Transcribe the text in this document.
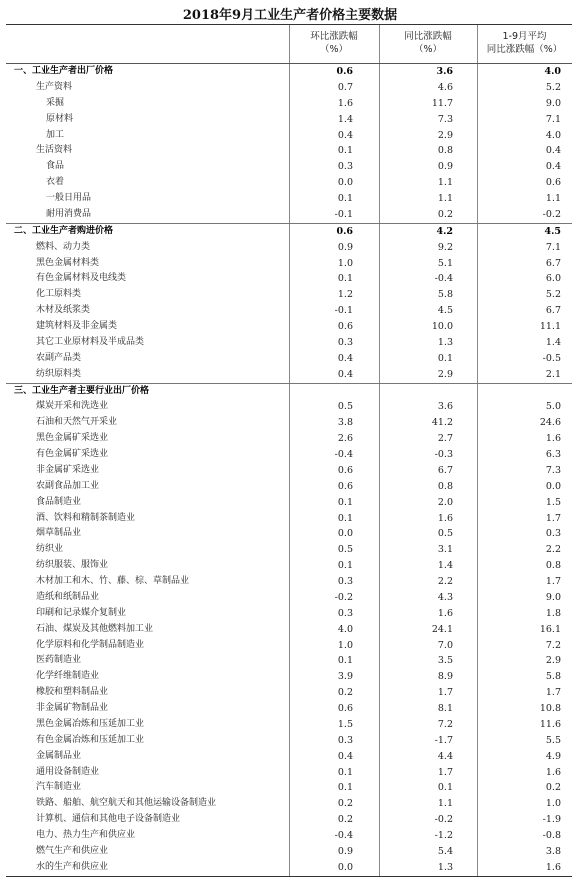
2018年9月工业生产者价格主要数据
环比涨跌幅
（%）
同比涨跌幅
（%）
1-9月平均
同比涨跌幅（%）
一、工业生产者出厂价格	0.6	3.6	4.0
生产资料	0.7	4.6	5.2
采掘	1.6	11.7	9.0
原材料	1.4	7.3	7.1
加工	0.4	2.9	4.0
生活资料	0.1	0.8	0.4
食品	0.3	0.9	0.4
衣着	0.0	1.1	0.6
一般日用品	0.1	1.1	1.1
耐用消费品	-0.1	0.2	-0.2
二、工业生产者购进价格	0.6	4.2	4.5
燃料、动力类	0.9	9.2	7.1
黑色金属材料类	1.0	5.1	6.7
有色金属材料及电线类	0.1	-0.4	6.0
化工原料类	1.2	5.8	5.2
木材及纸浆类	-0.1	4.5	6.7
建筑材料及非金属类	0.6	10.0	11.1
其它工业原材料及半成品类	0.3	1.3	1.4
农副产品类	0.4	0.1	-0.5
纺织原料类	0.4	2.9	2.1
三、工业生产者主要行业出厂价格
煤炭开采和洗选业	0.5	3.6	5.0
石油和天然气开采业	3.8	41.2	24.6
黑色金属矿采选业	2.6	2.7	1.6
有色金属矿采选业	-0.4	-0.3	6.3
非金属矿采选业	0.6	6.7	7.3
农副食品加工业	0.6	0.8	0.0
食品制造业	0.1	2.0	1.5
酒、饮料和精制茶制造业	0.1	1.6	1.7
烟草制品业	0.0	0.5	0.3
纺织业	0.5	3.1	2.2
纺织服装、服饰业	0.1	1.4	0.8
木材加工和木、竹、藤、棕、草制品业	0.3	2.2	1.7
造纸和纸制品业	-0.2	4.3	9.0
印刷和记录媒介复制业	0.3	1.6	1.8
石油、煤炭及其他燃料加工业	4.0	24.1	16.1
化学原料和化学制品制造业	1.0	7.0	7.2
医药制造业	0.1	3.5	2.9
化学纤维制造业	3.9	8.9	5.8
橡胶和塑料制品业	0.2	1.7	1.7
非金属矿物制品业	0.6	8.1	10.8
黑色金属冶炼和压延加工业	1.5	7.2	11.6
有色金属冶炼和压延加工业	0.3	-1.7	5.5
金属制品业	0.4	4.4	4.9
通用设备制造业	0.1	1.7	1.6
汽车制造业	0.1	0.1	0.2
铁路、船舶、航空航天和其他运输设备制造业	0.2	1.1	1.0
计算机、通信和其他电子设备制造业	0.2	-0.2	-1.9
电力、热力生产和供应业	-0.4	-1.2	-0.8
燃气生产和供应业	0.9	5.4	3.8
水的生产和供应业	0.0	1.3	1.6
